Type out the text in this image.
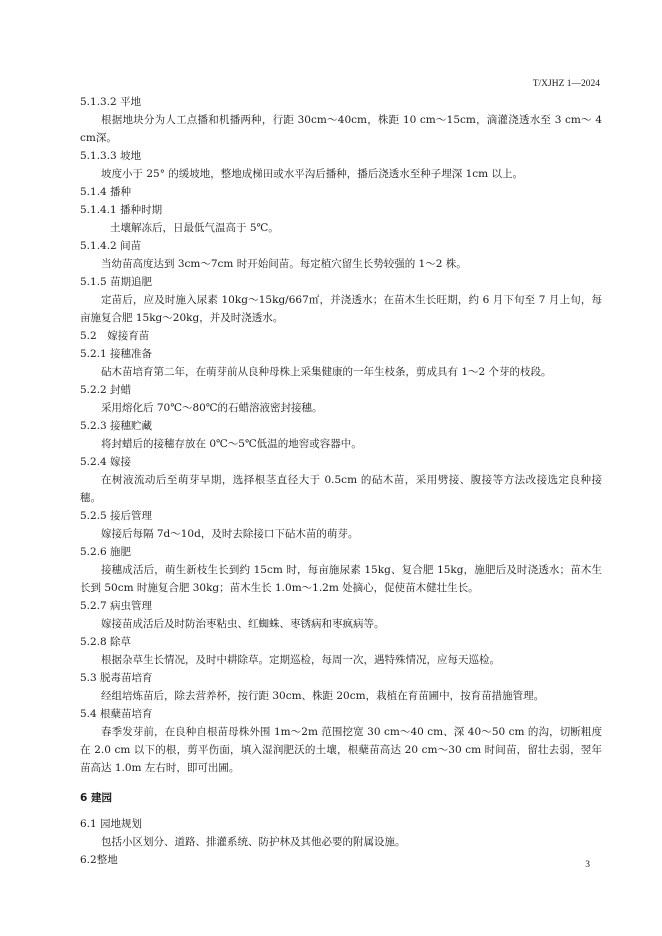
T/XJHZ 1—2024
5.1.3.2 平地
根据地块分为人工点播和机播两种，行距 30cm～40cm，株距 10 cm～15cm，滴灌浇透水至 3 cm～ 4 cm深。
5.1.3.3 坡地
坡度小于 25° 的缓坡地，整地成梯田或水平沟后播种，播后浇透水至种子埋深 1cm 以上。
5.1.4 播种
5.1.4.1 播种时期
土壤解冻后，日最低气温高于 5℃。
5.1.4.2 间苗
当幼苗高度达到 3cm～7cm 时开始间苗。每定植穴留生长势较强的 1～2 株。
5.1.5 苗期追肥
定苗后，应及时施入尿素 10kg～15kg/667㎡，并浇透水；在苗木生长旺期，约 6 月下旬至 7 月上旬，每亩施复合肥 15kg～20kg，并及时浇透水。
5.2　嫁接育苗
5.2.1 接穗准备
砧木苗培育第二年，在萌芽前从良种母株上采集健康的一年生枝条，剪成具有 1～2 个芽的枝段。
5.2.2 封蜡
采用熔化后 70℃～80℃的石蜡溶液密封接穗。
5.2.3 接穗贮藏
将封蜡后的接穗存放在 0℃～5℃低温的地窖或容器中。
5.2.4 嫁接
在树液流动后至萌芽早期，选择根茎直径大于 0.5cm 的砧木苗，采用劈接、腹接等方法改接选定良种接穗。
5.2.5 接后管理
嫁接后每隔 7d～10d，及时去除接口下砧木苗的萌芽。
5.2.6 施肥
接穗成活后，萌生新枝生长到约 15cm 时，每亩施尿素 15kg、复合肥 15kg，施肥后及时浇透水；苗木生长到 50cm 时施复合肥 30kg；苗木生长 1.0m～1.2m 处摘心，促使苗木健壮生长。
5.2.7 病虫管理
嫁接苗成活后及时防治枣粘虫、红蜘蛛、枣锈病和枣疯病等。
5.2.8 除草
根据杂草生长情况，及时中耕除草。定期巡检，每周一次，遇特殊情况，应每天巡检。
5.3 脱毒苗培育
经组培炼苗后，除去营养杯，按行距 30cm、株距 20cm，栽植在育苗圃中，按育苗措施管理。
5.4 根蘖苗培育
春季发芽前，在良种自根苗母株外围 1m～2m 范围挖宽 30 cm～40 cm、深 40～50 cm 的沟，切断粗度在 2.0 cm 以下的根，剪平伤面，填入湿润肥沃的土壤，根蘖苗高达 20 cm～30 cm 时间苗，留壮去弱，翌年苗高达 1.0m 左右时，即可出圃。
6 建园
6.1 园地规划
包括小区划分、道路、排灌系统、防护林及其他必要的附属设施。
6.2整地	3
